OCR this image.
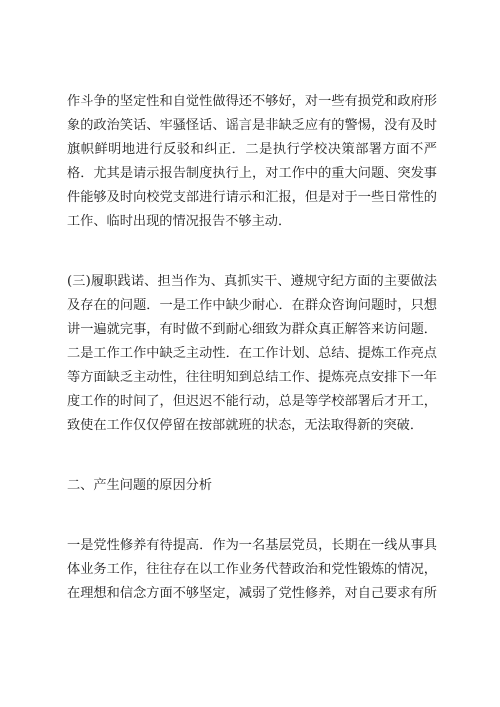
作斗争的坚定性和自觉性做得还不够好，对一些有损党和政府形
象的政治笑话、牢骚怪话、谣言是非缺乏应有的警惕，没有及时
旗帜鲜明地进行反驳和纠正．二是执行学校决策部署方面不严
格．尤其是请示报告制度执行上，对工作中的重大问题、突发事
件能够及时向校党支部进行请示和汇报，但是对于一些日常性的
工作、临时出现的情况报告不够主动．

(三)履职践诺、担当作为、真抓实干、遵规守纪方面的主要做法
及存在的问题．一是工作中缺少耐心．在群众咨询问题时，只想
讲一遍就完事，有时做不到耐心细致为群众真正解答来访问题．
二是工作工作中缺乏主动性．在工作计划、总结、提炼工作亮点
等方面缺乏主动性，往往明知到总结工作、提炼亮点安排下一年
度工作的时间了，但迟迟不能行动，总是等学校部署后才开工，
致使在工作仅仅停留在按部就班的状态，无法取得新的突破．

二、产生问题的原因分析

一是党性修养有待提高．作为一名基层党员，长期在一线从事具
体业务工作，往往存在以工作业务代替政治和党性锻炼的情况，
在理想和信念方面不够坚定，减弱了党性修养，对自己要求有所
